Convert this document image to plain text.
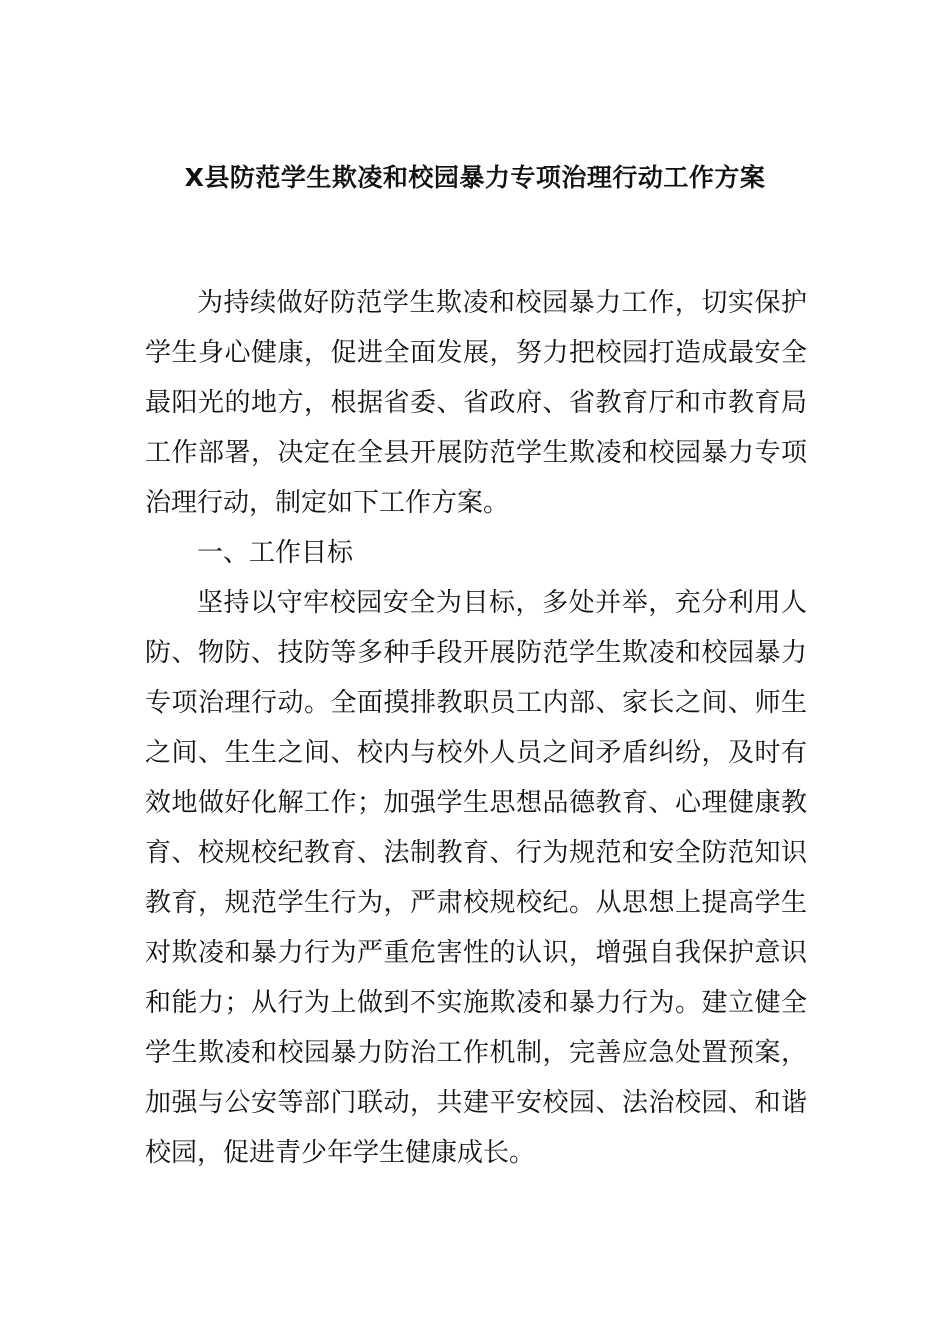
X县防范学生欺凌和校园暴力专项治理行动工作方案

为持续做好防范学生欺凌和校园暴力工作，切实保护学生身心健康，促进全面发展，努力把校园打造成最安全最阳光的地方，根据省委、省政府、省教育厅和市教育局工作部署，决定在全县开展防范学生欺凌和校园暴力专项治理行动，制定如下工作方案。

一、工作目标

坚持以守牢校园安全为目标，多处并举，充分利用人防、物防、技防等多种手段开展防范学生欺凌和校园暴力专项治理行动。全面摸排教职员工内部、家长之间、师生之间、生生之间、校内与校外人员之间矛盾纠纷，及时有效地做好化解工作；加强学生思想品德教育、心理健康教育、校规校纪教育、法制教育、行为规范和安全防范知识教育，规范学生行为，严肃校规校纪。从思想上提高学生对欺凌和暴力行为严重危害性的认识，增强自我保护意识和能力；从行为上做到不实施欺凌和暴力行为。建立健全学生欺凌和校园暴力防治工作机制，完善应急处置预案，加强与公安等部门联动，共建平安校园、法治校园、和谐校园，促进青少年学生健康成长。
